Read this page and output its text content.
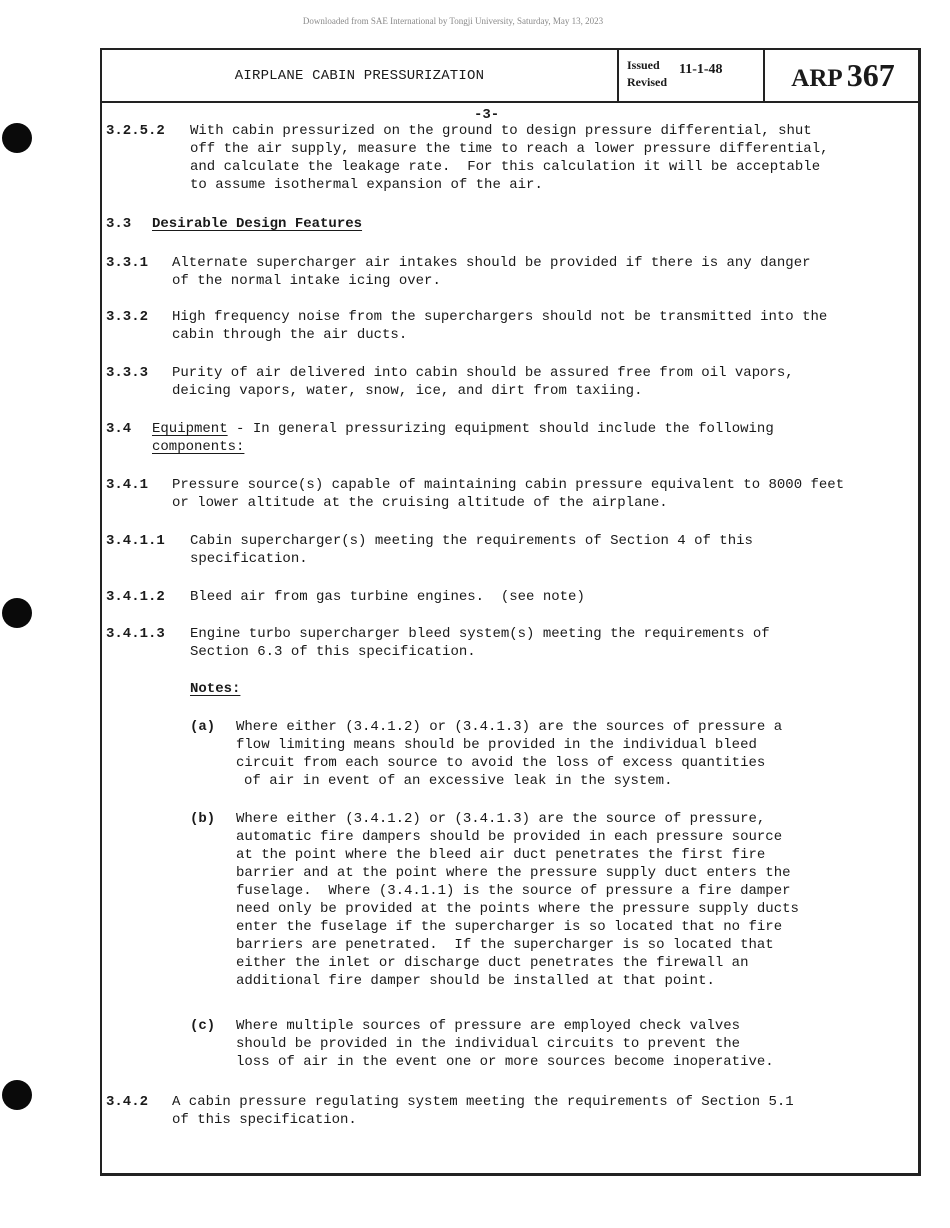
Downloaded from SAE International by Tongji University, Saturday, May 13, 2023
AIRPLANE CABIN PRESSURIZATION
Issued
Revised
11-1-48	ARP 367
-3-
3.2.5.2 With cabin pressurized on the ground to design pressure differential, shut
off the air supply, measure the time to reach a lower pressure differential,
and calculate the leakage rate.  For this calculation it will be acceptable
to assume isothermal expansion of the air.
3.3 Desirable Design Features
3.3.1 Alternate supercharger air intakes should be provided if there is any danger
of the normal intake icing over.
3.3.2 High frequency noise from the superchargers should not be transmitted into the
cabin through the air ducts.
3.3.3 Purity of air delivered into cabin should be assured free from oil vapors,
deicing vapors, water, snow, ice, and dirt from taxiing.
3.4 Equipment - In general pressurizing equipment should include the following
components:
3.4.1 Pressure source(s) capable of maintaining cabin pressure equivalent to 8000 feet
or lower altitude at the cruising altitude of the airplane.
3.4.1.1 Cabin supercharger(s) meeting the requirements of Section 4 of this
specification.
3.4.1.2 Bleed air from gas turbine engines.  (see note)
3.4.1.3 Engine turbo supercharger bleed system(s) meeting the requirements of
Section 6.3 of this specification.
Notes:
(a) Where either (3.4.1.2) or (3.4.1.3) are the sources of pressure a
flow limiting means should be provided in the individual bleed
circuit from each source to avoid the loss of excess quantities
of air in event of an excessive leak in the system.
(b) Where either (3.4.1.2) or (3.4.1.3) are the source of pressure,
automatic fire dampers should be provided in each pressure source
at the point where the bleed air duct penetrates the first fire
barrier and at the point where the pressure supply duct enters the
fuselage.  Where (3.4.1.1) is the source of pressure a fire damper
need only be provided at the points where the pressure supply ducts
enter the fuselage if the supercharger is so located that no fire
barriers are penetrated.  If the supercharger is so located that
either the inlet or discharge duct penetrates the firewall an
additional fire damper should be installed at that point.
(c) Where multiple sources of pressure are employed check valves
should be provided in the individual circuits to prevent the
loss of air in the event one or more sources become inoperative.
3.4.2 A cabin pressure regulating system meeting the requirements of Section 5.1
of this specification.
